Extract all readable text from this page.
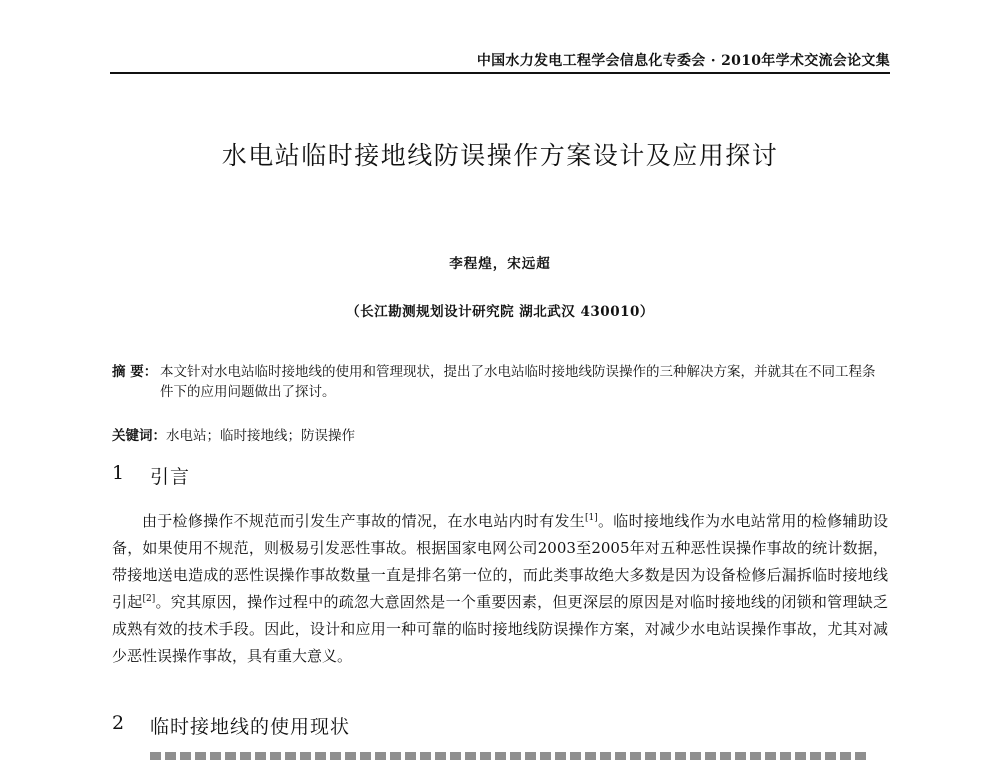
中国水力发电工程学会信息化专委会 · 2010年学术交流会论文集
水电站临时接地线防误操作方案设计及应用探讨
李程煌，宋远超
（长江勘测规划设计研究院 湖北武汉 430010）
摘 要： 本文针对水电站临时接地线的使用和管理现状，提出了水电站临时接地线防误操作的三种解决方案，并就其在不同工程条件下的应用问题做出了探讨。
关键词：水电站；临时接地线；防误操作
1 引言
由于检修操作不规范而引发生产事故的情况，在水电站内时有发生[1]。临时接地线作为水电站常用的检修辅助设备，如果使用不规范，则极易引发恶性事故。根据国家电网公司2003至2005年对五种恶性误操作事故的统计数据，带接地送电造成的恶性误操作事故数量一直是排名第一位的，而此类事故绝大多数是因为设备检修后漏拆临时接地线引起[2]。究其原因，操作过程中的疏忽大意固然是一个重要因素，但更深层的原因是对临时接地线的闭锁和管理缺乏成熟有效的技术手段。因此，设计和应用一种可靠的临时接地线防误操作方案，对减少水电站误操作事故，尤其对减少恶性误操作事故，具有重大意义。
2 临时接地线的使用现状
